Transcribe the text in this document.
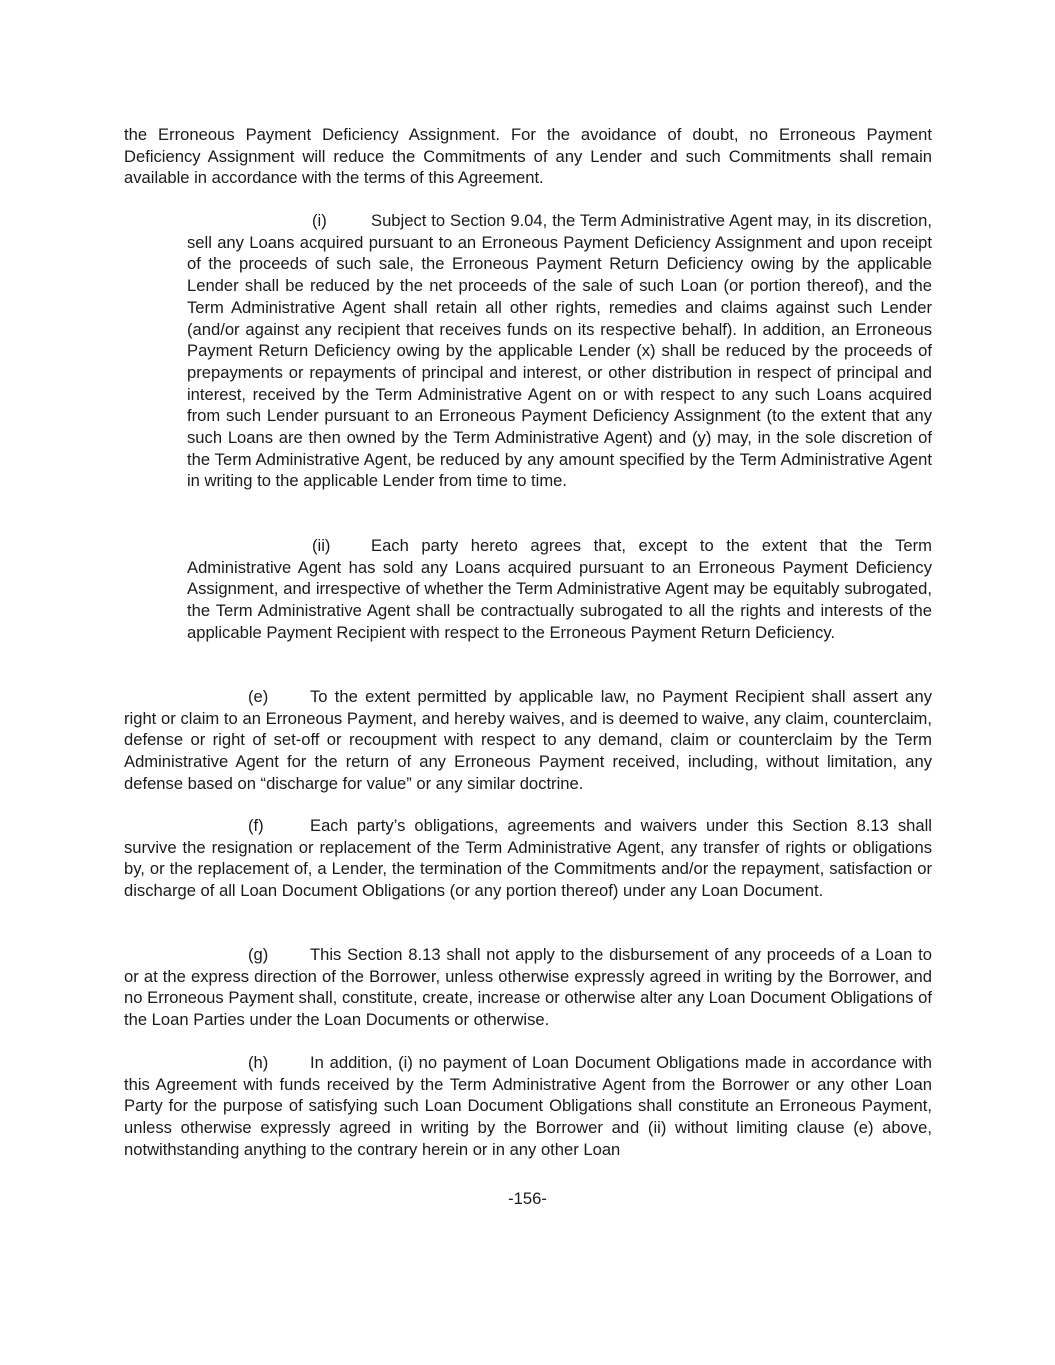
the Erroneous Payment Deficiency Assignment. For the avoidance of doubt, no Erroneous Payment Deficiency Assignment will reduce the Commitments of any Lender and such Commitments shall remain available in accordance with the terms of this Agreement.

(i)	Subject to Section 9.04, the Term Administrative Agent may, in its discretion, sell any Loans acquired pursuant to an Erroneous Payment Deficiency Assignment and upon receipt of the proceeds of such sale, the Erroneous Payment Return Deficiency owing by the applicable Lender shall be reduced by the net proceeds of the sale of such Loan (or portion thereof), and the Term Administrative Agent shall retain all other rights, remedies and claims against such Lender (and/or against any recipient that receives funds on its respective behalf). In addition, an Erroneous Payment Return Deficiency owing by the applicable Lender (x) shall be reduced by the proceeds of prepayments or repayments of principal and interest, or other distribution in respect of principal and interest, received by the Term Administrative Agent on or with respect to any such Loans acquired from such Lender pursuant to an Erroneous Payment Deficiency Assignment (to the extent that any such Loans are then owned by the Term Administrative Agent) and (y) may, in the sole discretion of the Term Administrative Agent, be reduced by any amount specified by the Term Administrative Agent in writing to the applicable Lender from time to time.

(ii) Each party hereto agrees that, except to the extent that the Term Administrative Agent has sold any Loans acquired pursuant to an Erroneous Payment Deficiency Assignment, and irrespective of whether the Term Administrative Agent may be equitably subrogated, the Term Administrative Agent shall be contractually subrogated to all the rights and interests of the applicable Payment Recipient with respect to the Erroneous Payment Return Deficiency.

(e)	To the extent permitted by applicable law, no Payment Recipient shall assert any right or claim to an Erroneous Payment, and hereby waives, and is deemed to waive, any claim, counterclaim, defense or right of set-off or recoupment with respect to any demand, claim or counterclaim by the Term Administrative Agent for the return of any Erroneous Payment received, including, without limitation, any defense based on “discharge for value” or any similar doctrine.

(f)	Each party’s obligations, agreements and waivers under this Section 8.13 shall survive the resignation or replacement of the Term Administrative Agent, any transfer of rights or obligations by, or the replacement of, a Lender, the termination of the Commitments and/or the repayment, satisfaction or discharge of all Loan Document Obligations (or any portion thereof) under any Loan Document.

(g)	This Section 8.13 shall not apply to the disbursement of any proceeds of a Loan to or at the express direction of the Borrower, unless otherwise expressly agreed in writing by the Borrower, and no Erroneous Payment shall, constitute, create, increase or otherwise alter any Loan Document Obligations of the Loan Parties under the Loan Documents or otherwise.

(h)	In addition, (i) no payment of Loan Document Obligations made in accordance with this Agreement with funds received by the Term Administrative Agent from the Borrower or any other Loan Party for the purpose of satisfying such Loan Document Obligations shall constitute an Erroneous Payment, unless otherwise expressly agreed in writing by the Borrower and (ii) without limiting clause (e) above, notwithstanding anything to the contrary herein or in any other Loan

-156-
